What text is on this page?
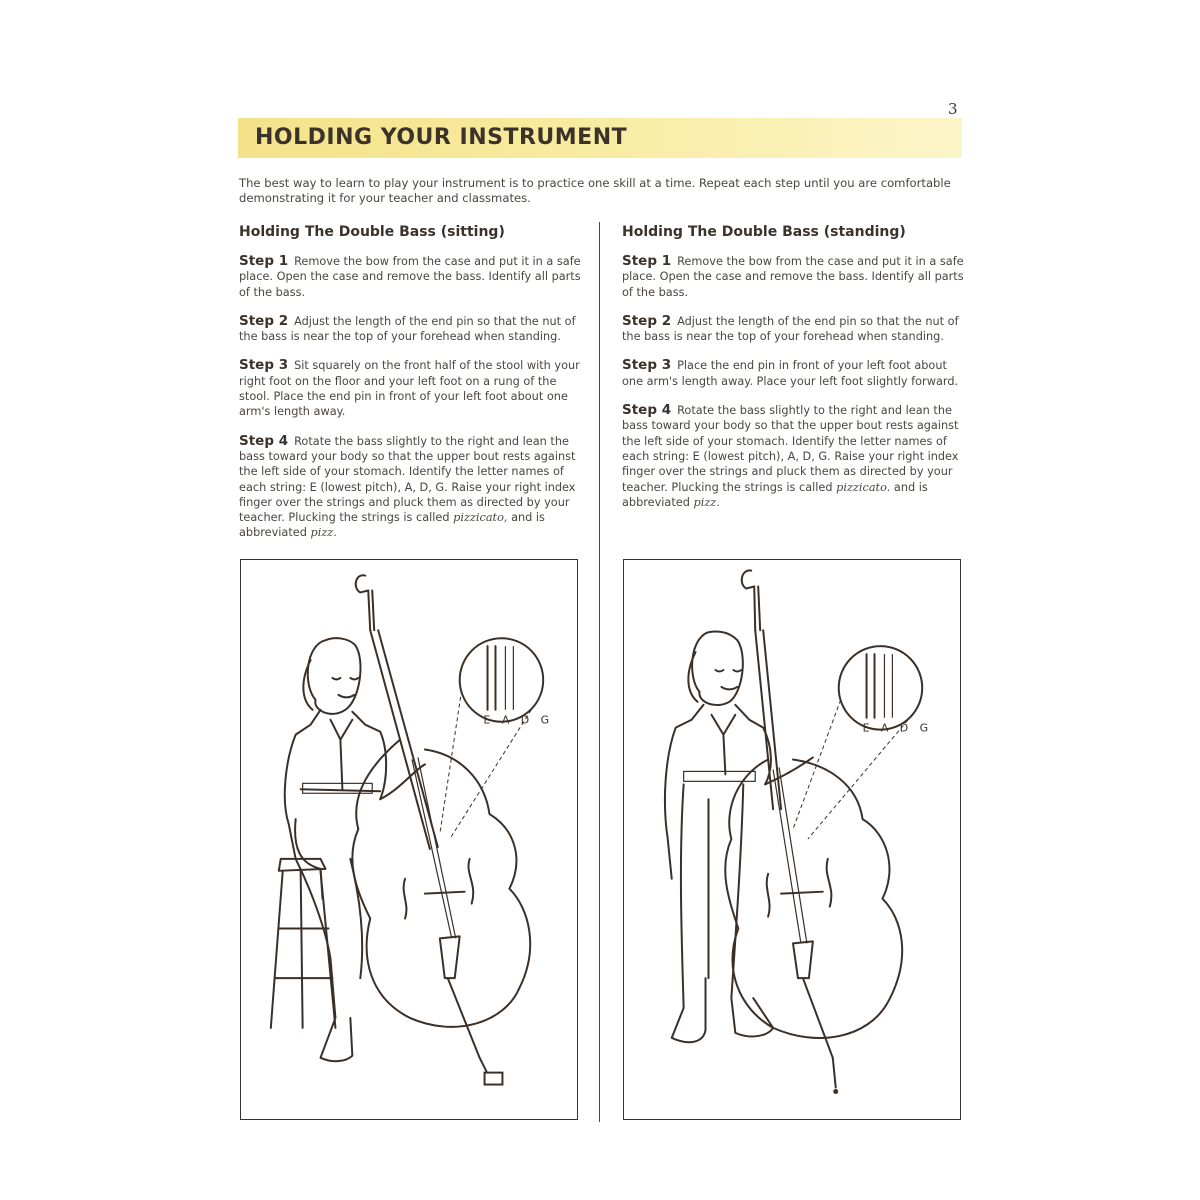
3
HOLDING YOUR INSTRUMENT
The best way to learn to play your instrument is to practice one skill at a time. Repeat each step until you are comfortable demonstrating it for your teacher and classmates.
Holding The Double Bass (sitting)

Step 1 Remove the bow from the case and put it in a safe place. Open the case and remove the bass. Identify all parts of the bass.

Step 2 Adjust the length of the end pin so that the nut of the bass is near the top of your forehead when standing.

Step 3 Sit squarely on the front half of the stool with your right foot on the floor and your left foot on a rung of the stool. Place the end pin in front of your left foot about one arm's length away.

Step 4 Rotate the bass slightly to the right and lean the bass toward your body so that the upper bout rests against the left side of your stomach. Identify the letter names of each string: E (lowest pitch), A, D, G. Raise your right index finger over the strings and pluck them as directed by your teacher. Plucking the strings is called pizzicato, and is abbreviated pizz.

Holding The Double Bass (standing)

Step 1 Remove the bow from the case and put it in a safe place. Open the case and remove the bass. Identify all parts of the bass.

Step 2 Adjust the length of the end pin so that the nut of the bass is near the top of your forehead when standing.

Step 3 Place the end pin in front of your left foot about one arm's length away. Place your left foot slightly forward.

Step 4 Rotate the bass slightly to the right and lean the bass toward your body so that the upper bout rests against the left side of your stomach. Identify the letter names of each string: E (lowest pitch), A, D, G. Raise your right index finger over the strings and pluck them as directed by your teacher. Plucking the strings is called pizzicato. and is abbreviated pizz.

E A D G
E A D G
